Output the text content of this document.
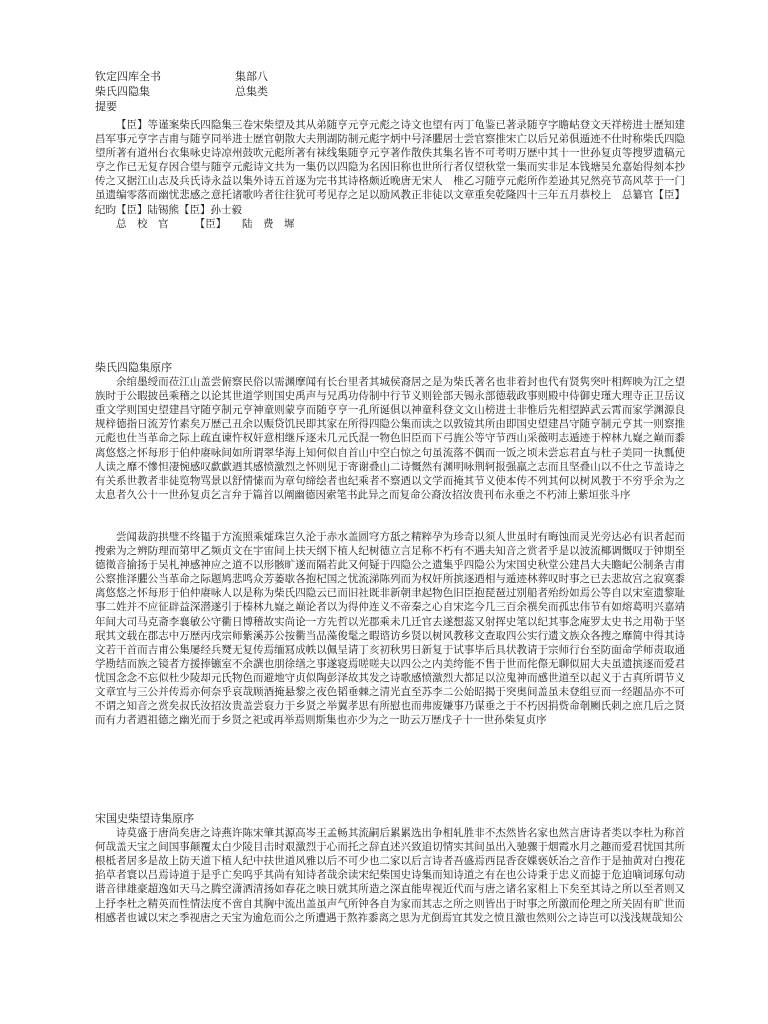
钦定四库全书	集部八
柴氏四隐集	总集类
提要

【臣】等谨案柴氏四隐集三卷宋柴望及其从弟随亨元亨元彪之诗文也望有丙丁龟鉴已著录随亨字瞻岵登文天祥榜进士歴知建昌军事元亨字吉甫与随亨同举进士歴官朝散大夫荆湖防制元彪字炳中号泽臞居士尝官察推宋亡以后兄弟俱遁迹不仕时称柴氏四隐望所著有道州台衣集咏史诗凉州鼓吹元彪所著有袜线集随亨元亨著作散佚其集名皆不可考明万歴中其十一世孙复贞等搜罗遗稿元亨之作已无复存因合望与随亨元彪诗文共为一集仍以四隐为名因旧称也世所行者仅望秋堂一集而实非足本钱塘吴允嘉始得刻本抄传之又据江山志及兵氏诗永益以集外诗五首逐为完书其诗格颇近晚唐无宋人　椎乙习随亨元彪所作差逊其兄然亮节高风萃于一门虽遗编零落而幽忧悲感之意托诸歌吟者往往犹可考见存之足以励风教正非徒以文章重矣乾隆四十三年五月恭校上　总纂官【臣】纪昀【臣】陆锡熊【臣】孙士毅

总　校　官　　　【臣】　　陆　费　墀

柴氏四隐集原序

余绾墨绶而莅江山盖尝俯察民俗以需渊摩闻有长台里者其城侯裔居之是为柴氏著名也非着封也代有贤隽突叶相辉映为江之望族时于公暇披邑乘稽之以论其世道学则国史禹声与兄禹功侍制中行节义则铨部天锡永部德载政事则殿中侍御史瑾大理寺正卫岳议重文学则国史望建昌守随亨制元亨神童则蒙亨而随亨亨一孔所诞俱以神童科登文文山榜进士非惟后先相望踔武云霄而家学渊源良规梓德指日流芳竹素矣万歴己丑余以赈贷饥民即其家在所得四隐公集而读之以敦镜其所由即国史望建昌守随亨制元亨其一则察推元彪也仕当革命之际上疏直谏忤权奸意相继斥逐未几元氏混一物色旧臣而下弓旌公等守节西山采薇明志遁迹于榨林九嶷之巅而黍离悠悠之怀每形于伯仲赓咏间如所谓翠华海上知何似自首山中空白惊之句虽流落不偶而一饭之顷未尝忘君直与杜子美同一执瓢使人读之靡不慘怛凄惋感叹歔歔迺其感愤激烈之怀则见于寄谢叠山二诗慨然有渊明咏荆轲报强羸之志而且坚叠山以不仕之节盖诗之有关系世教者非徒览物骂景以舒情愫而为章句缔绘者也纪乘者不察迺以文学而掩其节义使本传不列其何以树风教于不穷乎余为之太息者久公十一世孙复贞乞言弁于篇首以阐幽德因索笔书此异之而复命公裔汝招汝贵刊布永垂之不朽沛上紫垣张斗序

尝闻裁韵拱璧不终韫于方流照乘㸌珠岂久沦于赤水盖圆穹方舐之精粹孕为珍奇以须人世虽时有晦蚀而灵光旁达必有识者起而搜索为之辨防理而第甲乙频贞文在宇宙间上扶天纲下植人纪树德立言足称不朽有不遇夫知音之赏者乎是以波流椰调慨叹于钟期至德徵音揄扬于吴札神感神应之道不以形骸旷遂而隔若此又何疑于四隐公之遗集乎四隐公为宋国史秋堂公建昌大夫瞻屺公制条吉甫公察推泽臞公当革命之际题鸠悲鸣众芳萎歇各抱杞国之忧流涕陈列而为权奸所摈逐迺相与遁迹林葬叹时事之已去悲故宫之寂寞黍离悠悠之怀每形于伯仲赓咏人以是称为柴氏四隐云已而旧社既非新朝聿起物色旧臣抱琵琶过别船者殆纷如焉公等自以宋室遗黎耻事二姓并不应征辟益深潜遂引于榛林九嶷之巅论者以为得仲连义不帝秦之心自宋迄今几三百余禩矣而孤忠伟节有如熔葛明兴嘉靖年间大司马克斋李襄敏公守衢日博稽故实尚论一方先哲以光郡乘未几迁官去遂想蕊又射挥史笔以纪其事念庵罗太史书之用勒于坚珉其文载在郡志中万歴丙戌宗师紫溪苏公按衢当品藻俊髦之暇谘访乡贤以树风教移文查取四公实行遗文族众各搜之靡简中得其诗文若干首而吉甫公集屡经兵燹无复传焉缅冩成帙以佩呈请丁亥初秋男日新复于试事毕后具状教请于宗师行台至防面命学师责取通学勘结而族之镜者方援捧镳室不余譔也朋徐缮之事遂寝焉嗟嗟夫以四公之内美绔能不售于世而侘傺无聊似屈大夫虽遗摈逐而爱君忧国念念不忘似杜少陵却元氏物色而避地守贞似陶彭泽故其发之诗歌感愤激烈大都足以泣鬼神而感世道至以起义于古真所谓节义文章宜与三公并传焉亦何奈乎哀哉顾酒掩悬黎之夜色韬垂棘之清光直至苏李二公始昭揭于突奥间盖虽未登组豆而一经题品亦不可不谓之知音之赏矣叔氏汝招汝贵盖尝裒力于乡贤之举翼孝思有所慰也而弗废嫌事乃谋垂之于不朽因捐赀命剞劂氏刺之庶几后之贤而有力者迺祖德之幽光而于乡贤之祀或再举焉则斯集也亦少为之一助云万歴戊子十一世孙柴复贞序

宋国史柴望诗集原序

诗莫盛于唐尚矣唐之诗燕许陈宋肇其源高岑王孟畅其流嗣后累累选出争相轧胜非不杰然皆名家也然言唐诗者类以李杜为称首何哉盖天宝之间国事颠覆太白少陵目击时艰激烈于心而托之辞直述兴致追切情实其间虽出入驰骤于烟霞水月之趣而爱君忧国其所根柢者居多是故上防天道下植人纪中扶世道风雅以后不可少也二家以后言诗者吾盛焉西昆香奁媟亵妖冶之音作于是抽黄对白搜花掐草者寰以吕焉诗道于是乎亡矣呜乎其尚有知诗者哉余读宋纪柴国史诗集而知诗道之有在也公诗秉于忠义而摅于危迫嘀词琢句动谐音律雄豪超逸如天马之腾空潇洒清扬如春花之映日就其所造之深直能卑视近代而与唐之诸名家相上下矣至其诗之所以至者则又上抒李杜之精英而性情法度不啻自其胸中流出盖虽声气所钟各自为家而其志之所之则皆出于时事之所激而伦理之所关固有旷世而相感者也诚以宋之季视唐之天宝为逾危而公之所遭遇于熬祚黍离之思为尤倒焉宜其发之愤且激也然则公之诗岂可以浅浅规哉知公
